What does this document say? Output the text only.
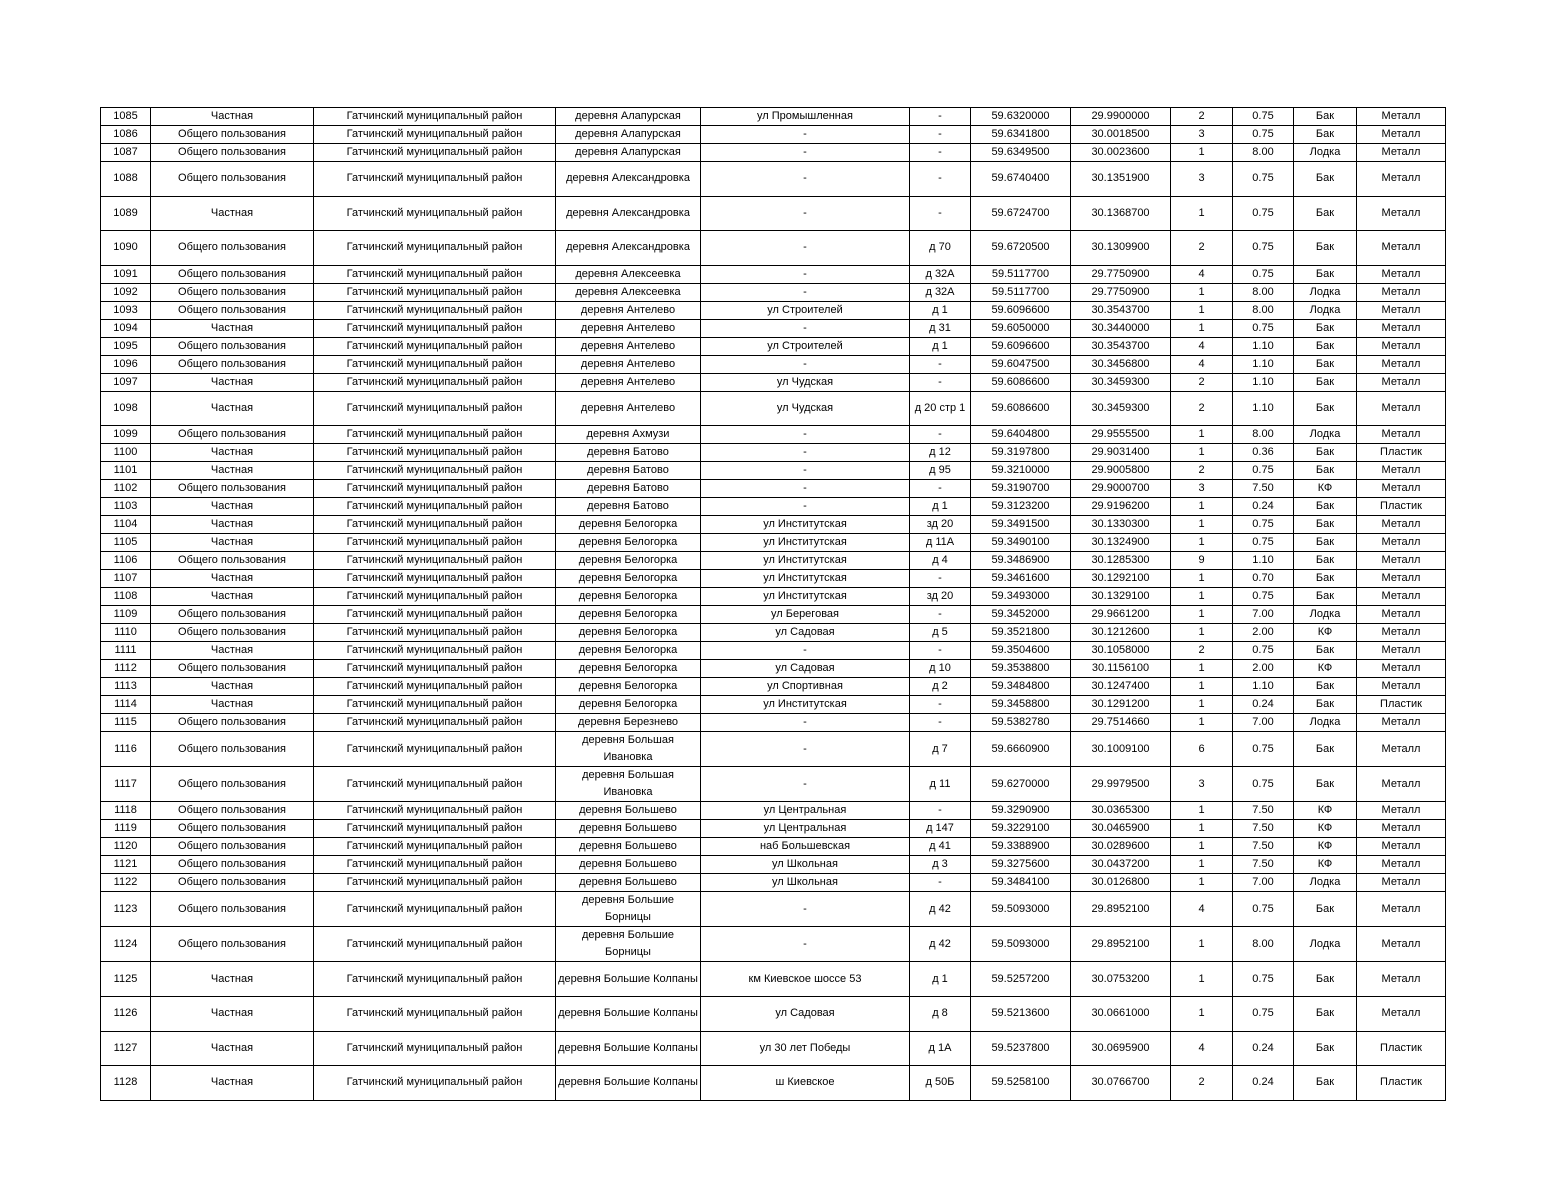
1085	Частная	Гатчинский муниципальный район	деревня Алапурская	ул Промышленная	-	59.6320000	29.9900000	2	0.75	Бак	Металл
1086	Общего пользования	Гатчинский муниципальный район	деревня Алапурская	-	-	59.6341800	30.0018500	3	0.75	Бак	Металл
1087	Общего пользования	Гатчинский муниципальный район	деревня Алапурская	-	-	59.6349500	30.0023600	1	8.00	Лодка	Металл
1088	Общего пользования	Гатчинский муниципальный район	деревня Александровка	-	-	59.6740400	30.1351900	3	0.75	Бак	Металл
1089	Частная	Гатчинский муниципальный район	деревня Александровка	-	-	59.6724700	30.1368700	1	0.75	Бак	Металл
1090	Общего пользования	Гатчинский муниципальный район	деревня Александровка	-	д 70	59.6720500	30.1309900	2	0.75	Бак	Металл
1091	Общего пользования	Гатчинский муниципальный район	деревня Алексеевка	-	д 32А	59.5117700	29.7750900	4	0.75	Бак	Металл
1092	Общего пользования	Гатчинский муниципальный район	деревня Алексеевка	-	д 32А	59.5117700	29.7750900	1	8.00	Лодка	Металл
1093	Общего пользования	Гатчинский муниципальный район	деревня Антелево	ул Строителей	д 1	59.6096600	30.3543700	1	8.00	Лодка	Металл
1094	Частная	Гатчинский муниципальный район	деревня Антелево	-	д 31	59.6050000	30.3440000	1	0.75	Бак	Металл
1095	Общего пользования	Гатчинский муниципальный район	деревня Антелево	ул Строителей	д 1	59.6096600	30.3543700	4	1.10	Бак	Металл
1096	Общего пользования	Гатчинский муниципальный район	деревня Антелево	-	-	59.6047500	30.3456800	4	1.10	Бак	Металл
1097	Частная	Гатчинский муниципальный район	деревня Антелево	ул Чудская	-	59.6086600	30.3459300	2	1.10	Бак	Металл
1098	Частная	Гатчинский муниципальный район	деревня Антелево	ул Чудская	д 20 стр 1	59.6086600	30.3459300	2	1.10	Бак	Металл
1099	Общего пользования	Гатчинский муниципальный район	деревня Ахмузи	-	-	59.6404800	29.9555500	1	8.00	Лодка	Металл
1100	Частная	Гатчинский муниципальный район	деревня Батово	-	д 12	59.3197800	29.9031400	1	0.36	Бак	Пластик
1101	Частная	Гатчинский муниципальный район	деревня Батово	-	д 95	59.3210000	29.9005800	2	0.75	Бак	Металл
1102	Общего пользования	Гатчинский муниципальный район	деревня Батово	-	-	59.3190700	29.9000700	3	7.50	КФ	Металл
1103	Частная	Гатчинский муниципальный район	деревня Батово	-	д 1	59.3123200	29.9196200	1	0.24	Бак	Пластик
1104	Частная	Гатчинский муниципальный район	деревня Белогорка	ул Институтская	зд 20	59.3491500	30.1330300	1	0.75	Бак	Металл
1105	Частная	Гатчинский муниципальный район	деревня Белогорка	ул Институтская	д 11А	59.3490100	30.1324900	1	0.75	Бак	Металл
1106	Общего пользования	Гатчинский муниципальный район	деревня Белогорка	ул Институтская	д 4	59.3486900	30.1285300	9	1.10	Бак	Металл
1107	Частная	Гатчинский муниципальный район	деревня Белогорка	ул Институтская	-	59.3461600	30.1292100	1	0.70	Бак	Металл
1108	Частная	Гатчинский муниципальный район	деревня Белогорка	ул Институтская	зд 20	59.3493000	30.1329100	1	0.75	Бак	Металл
1109	Общего пользования	Гатчинский муниципальный район	деревня Белогорка	ул Береговая	-	59.3452000	29.9661200	1	7.00	Лодка	Металл
1110	Общего пользования	Гатчинский муниципальный район	деревня Белогорка	ул Садовая	д 5	59.3521800	30.1212600	1	2.00	КФ	Металл
1111	Частная	Гатчинский муниципальный район	деревня Белогорка	-	-	59.3504600	30.1058000	2	0.75	Бак	Металл
1112	Общего пользования	Гатчинский муниципальный район	деревня Белогорка	ул Садовая	д 10	59.3538800	30.1156100	1	2.00	КФ	Металл
1113	Частная	Гатчинский муниципальный район	деревня Белогорка	ул Спортивная	д 2	59.3484800	30.1247400	1	1.10	Бак	Металл
1114	Частная	Гатчинский муниципальный район	деревня Белогорка	ул Институтская	-	59.3458800	30.1291200	1	0.24	Бак	Пластик
1115	Общего пользования	Гатчинский муниципальный район	деревня Березнево	-	-	59.5382780	29.7514660	1	7.00	Лодка	Металл
1116	Общего пользования	Гатчинский муниципальный район	деревня Большая Ивановка	-	д 7	59.6660900	30.1009100	6	0.75	Бак	Металл
1117	Общего пользования	Гатчинский муниципальный район	деревня Большая Ивановка	-	д 11	59.6270000	29.9979500	3	0.75	Бак	Металл
1118	Общего пользования	Гатчинский муниципальный район	деревня Большево	ул Центральная	-	59.3290900	30.0365300	1	7.50	КФ	Металл
1119	Общего пользования	Гатчинский муниципальный район	деревня Большево	ул Центральная	д 147	59.3229100	30.0465900	1	7.50	КФ	Металл
1120	Общего пользования	Гатчинский муниципальный район	деревня Большево	наб Большевская	д 41	59.3388900	30.0289600	1	7.50	КФ	Металл
1121	Общего пользования	Гатчинский муниципальный район	деревня Большево	ул Школьная	д 3	59.3275600	30.0437200	1	7.50	КФ	Металл
1122	Общего пользования	Гатчинский муниципальный район	деревня Большево	ул Школьная	-	59.3484100	30.0126800	1	7.00	Лодка	Металл
1123	Общего пользования	Гатчинский муниципальный район	деревня Большие Борницы	-	д 42	59.5093000	29.8952100	4	0.75	Бак	Металл
1124	Общего пользования	Гатчинский муниципальный район	деревня Большие Борницы	-	д 42	59.5093000	29.8952100	1	8.00	Лодка	Металл
1125	Частная	Гатчинский муниципальный район	деревня Большие Колпаны	км Киевское шоссе 53	д 1	59.5257200	30.0753200	1	0.75	Бак	Металл
1126	Частная	Гатчинский муниципальный район	деревня Большие Колпаны	ул Садовая	д 8	59.5213600	30.0661000	1	0.75	Бак	Металл
1127	Частная	Гатчинский муниципальный район	деревня Большие Колпаны	ул 30 лет Победы	д 1А	59.5237800	30.0695900	4	0.24	Бак	Пластик
1128	Частная	Гатчинский муниципальный район	деревня Большие Колпаны	ш Киевское	д 50Б	59.5258100	30.0766700	2	0.24	Бак	Пластик
